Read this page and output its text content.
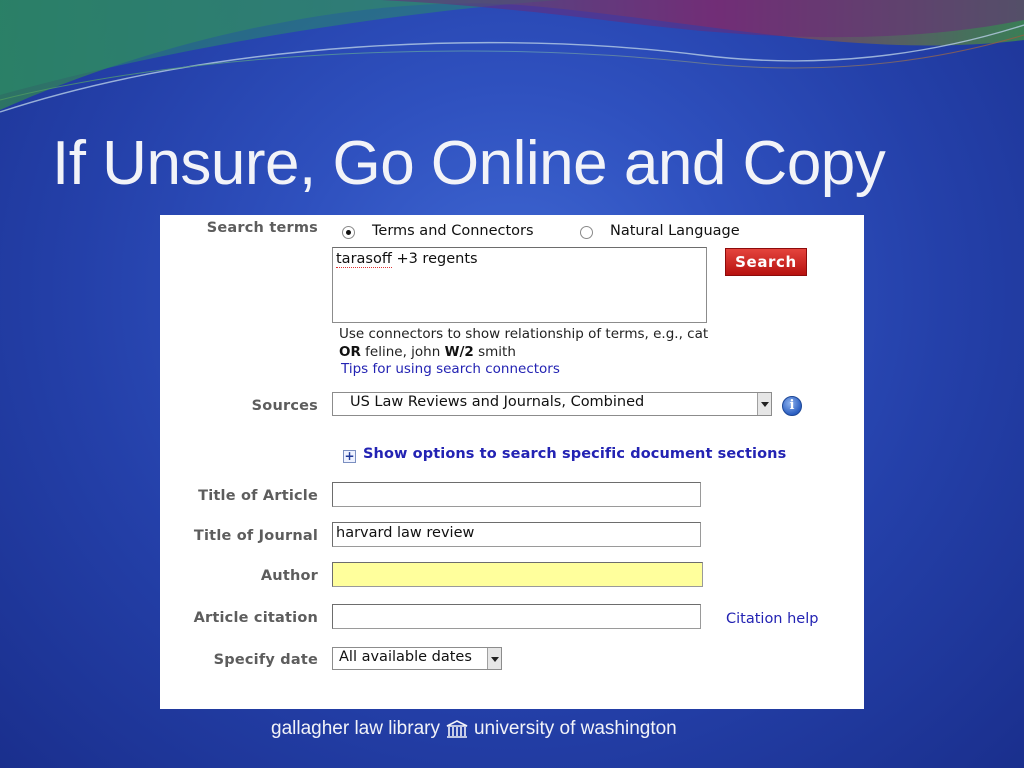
If Unsure, Go Online and Copy
Search terms	Terms and Connectors	Natural Language
tarasoff +3 regents	Search
Use connectors to show relationship of terms, e.g., cat
OR feline, john W/2 smith
Tips for using search connectors
Sources US Law Reviews and Journals, Combined	i
+ Show options to search specific document sections
Title of Article
Title of Journal harvard law review
Author
Article citation	Citation help
Specify date All available dates
gallagher law library university of washington
